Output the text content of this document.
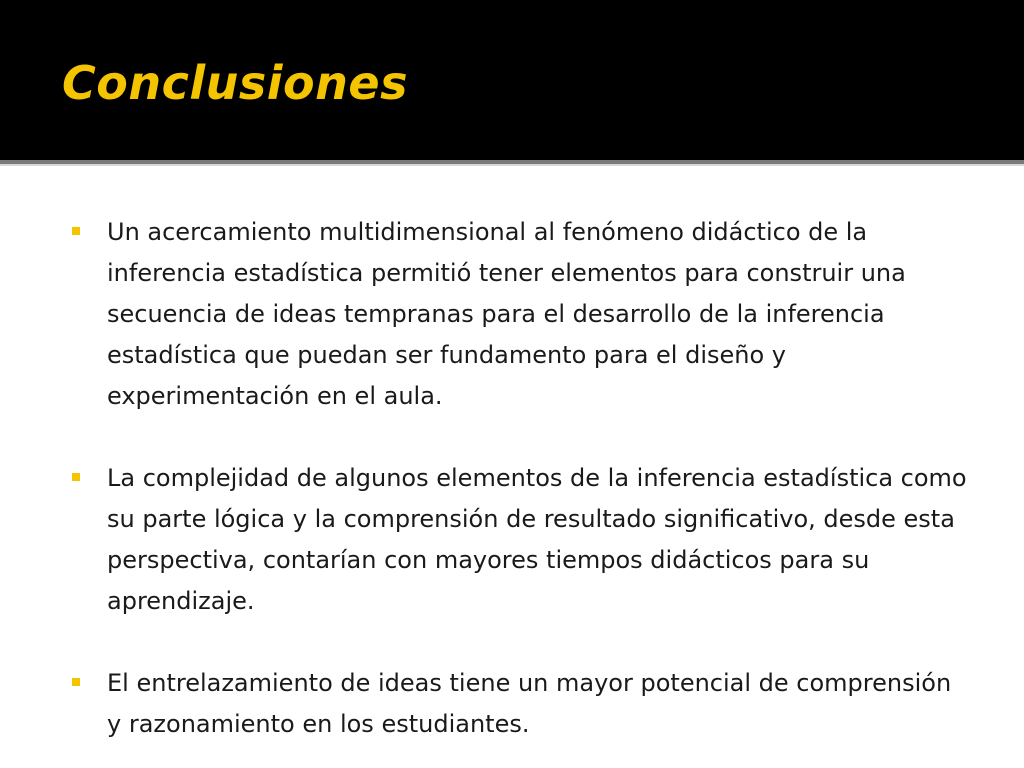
Conclusiones
Un acercamiento multidimensional al fenómeno didáctico de la inferencia estadística permitió tener elementos para construir una secuencia de ideas tempranas para el desarrollo de la inferencia estadística que puedan ser fundamento para el diseño y experimentación en el aula.
La complejidad de algunos elementos de la inferencia estadística como su parte lógica y la comprensión de resultado significativo, desde esta perspectiva, contarían con mayores tiempos didácticos para su aprendizaje.
El entrelazamiento de ideas tiene un mayor potencial de comprensión y razonamiento en los estudiantes.
